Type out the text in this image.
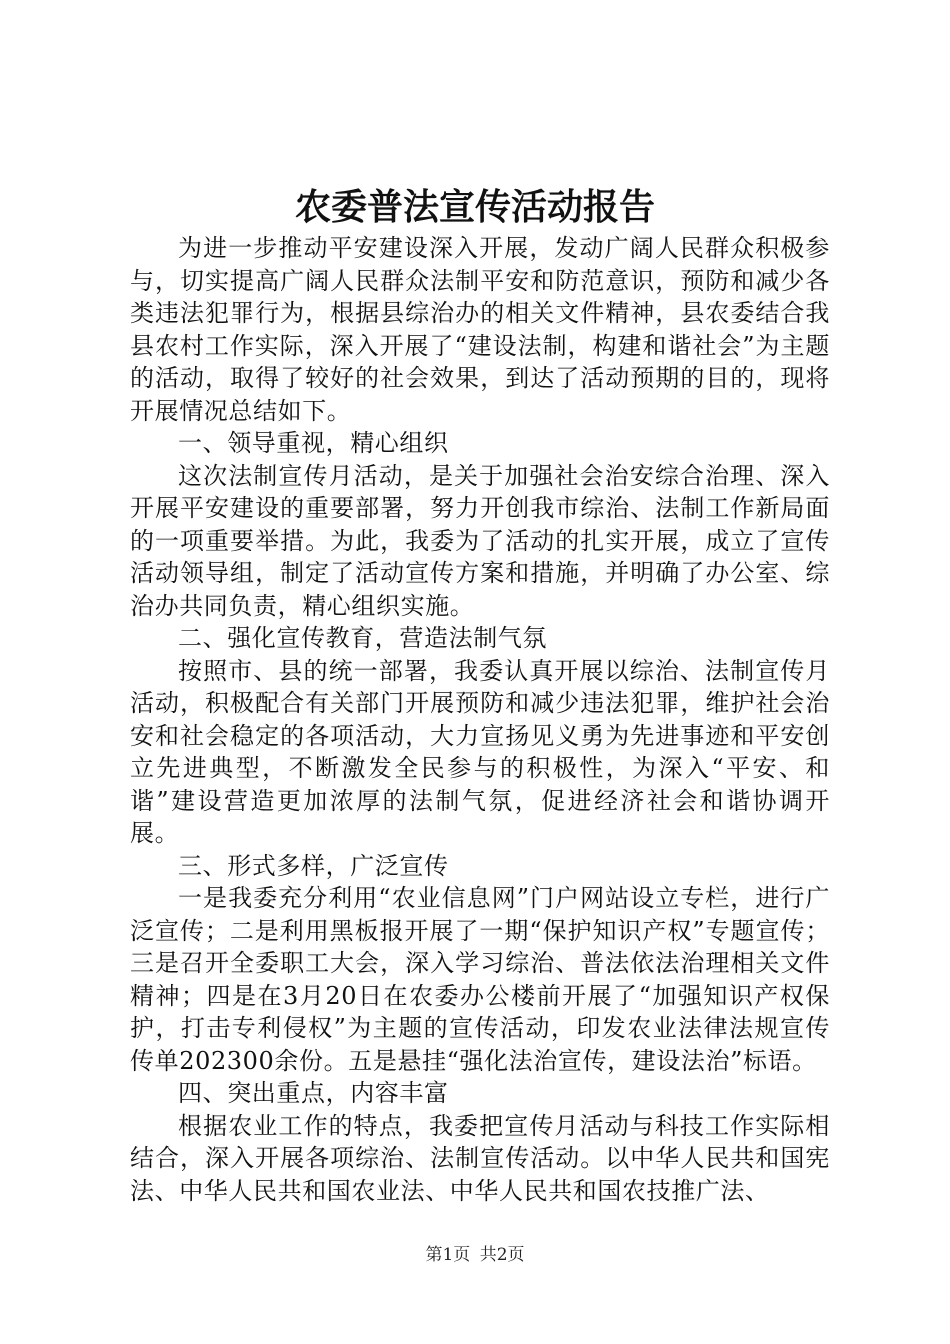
农委普法宣传活动报告

为进一步推动平安建设深入开展，发动广阔人民群众积极参与，切实提高广阔人民群众法制平安和防范意识，预防和减少各类违法犯罪行为，根据县综治办的相关文件精神，县农委结合我县农村工作实际，深入开展了“建设法制，构建和谐社会”为主题的活动，取得了较好的社会效果，到达了活动预期的目的，现将开展情况总结如下。

一、领导重视，精心组织

这次法制宣传月活动，是关于加强社会治安综合治理、深入开展平安建设的重要部署，努力开创我市综治、法制工作新局面的一项重要举措。为此，我委为了活动的扎实开展，成立了宣传活动领导组，制定了活动宣传方案和措施，并明确了办公室、综治办共同负责，精心组织实施。

二、强化宣传教育，营造法制气氛

按照市、县的统一部署，我委认真开展以综治、法制宣传月活动，积极配合有关部门开展预防和减少违法犯罪，维护社会治安和社会稳定的各项活动，大力宣扬见义勇为先进事迹和平安创立先进典型，不断激发全民参与的积极性，为深入“平安、和谐”建设营造更加浓厚的法制气氛，促进经济社会和谐协调开展。

三、形式多样，广泛宣传

一是我委充分利用“农业信息网”门户网站设立专栏，进行广泛宣传；二是利用黑板报开展了一期“保护知识产权”专题宣传；三是召开全委职工大会，深入学习综治、普法依法治理相关文件精神；四是在3月20日在农委办公楼前开展了“加强知识产权保护，打击专利侵权”为主题的宣传活动，印发农业法律法规宣传传单202300余份。五是悬挂“强化法治宣传，建设法治”标语。

四、突出重点，内容丰富

根据农业工作的特点，我委把宣传月活动与科技工作实际相结合，深入开展各项综治、法制宣传活动。以中华人民共和国宪法、中华人民共和国农业法、中华人民共和国农技推广法、

第1页 共2页
